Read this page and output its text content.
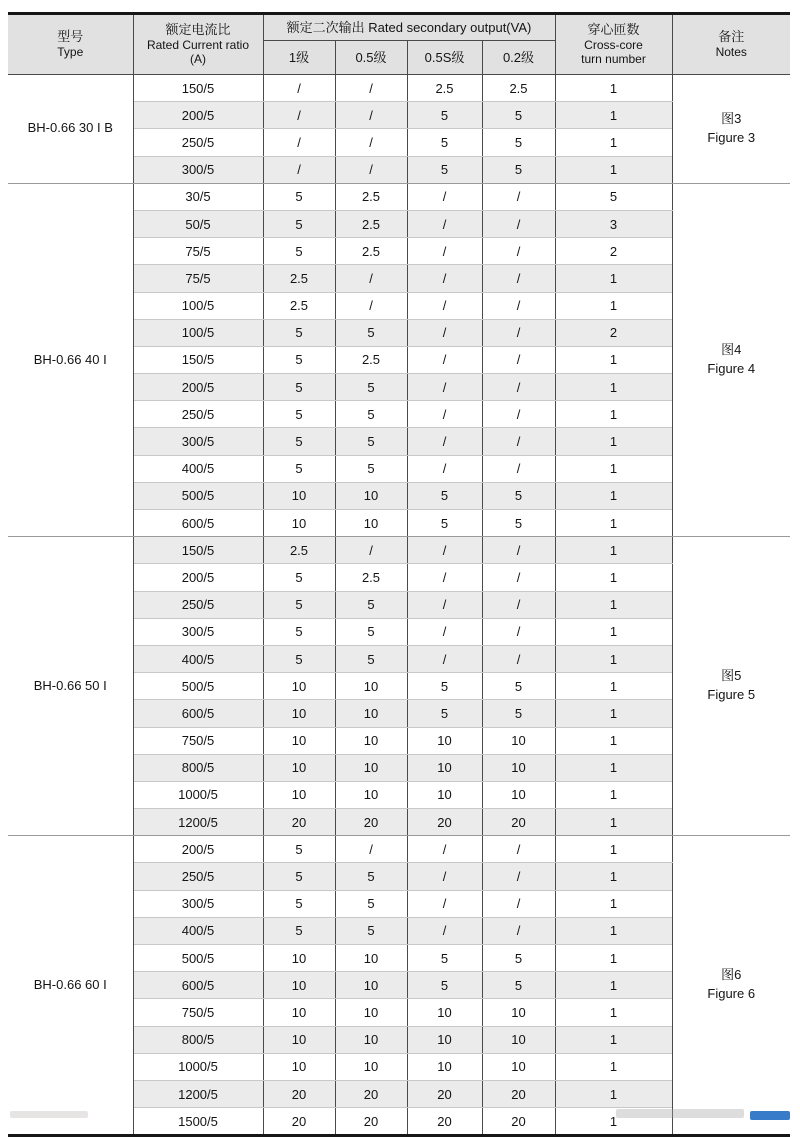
型号
Type

额定电流比
Rated Current ratio
(A)
	额定二次输出 Rated secondary output(VA)	穿心匝数
Cross-core
turn number

备注
Notes

		1级	0.5级	0.5S级	0.2级		
BH-0.66 30 I B	150/5	/	/	2.5	2.5	1	图3
Figure 3

	200/5	/	/	5	5	1	
	250/5	/	/	5	5	1	
	300/5	/	/	5	5	1	
BH-0.66 40 I	30/5	5	2.5	/	/	5	图4
Figure 4

	50/5	5	2.5	/	/	3	
	75/5	5	2.5	/	/	2	
	75/5	2.5	/	/	/	1	
	100/5	2.5	/	/	/	1	
	100/5	5	5	/	/	2	
	150/5	5	2.5	/	/	1	
	200/5	5	5	/	/	1	
	250/5	5	5	/	/	1	
	300/5	5	5	/	/	1	
	400/5	5	5	/	/	1	
	500/5	10	10	5	5	1	
	600/5	10	10	5	5	1	
BH-0.66 50 I	150/5	2.5	/	/	/	1	图5
Figure 5

	200/5	5	2.5	/	/	1	
	250/5	5	5	/	/	1	
	300/5	5	5	/	/	1	
	400/5	5	5	/	/	1	
	500/5	10	10	5	5	1	
	600/5	10	10	5	5	1	
	750/5	10	10	10	10	1	
	800/5	10	10	10	10	1	
	1000/5	10	10	10	10	1	
	1200/5	20	20	20	20	1	
BH-0.66 60 I	200/5	5	/	/	/	1	图6
Figure 6

	250/5	5	5	/	/	1	
	300/5	5	5	/	/	1	
	400/5	5	5	/	/	1	
	500/5	10	10	5	5	1	
	600/5	10	10	5	5	1	
	750/5	10	10	10	10	1	
	800/5	10	10	10	10	1	
	1000/5	10	10	10	10	1	
	1200/5	20	20	20	20	1	
	1500/5	20	20	20	20	1	
